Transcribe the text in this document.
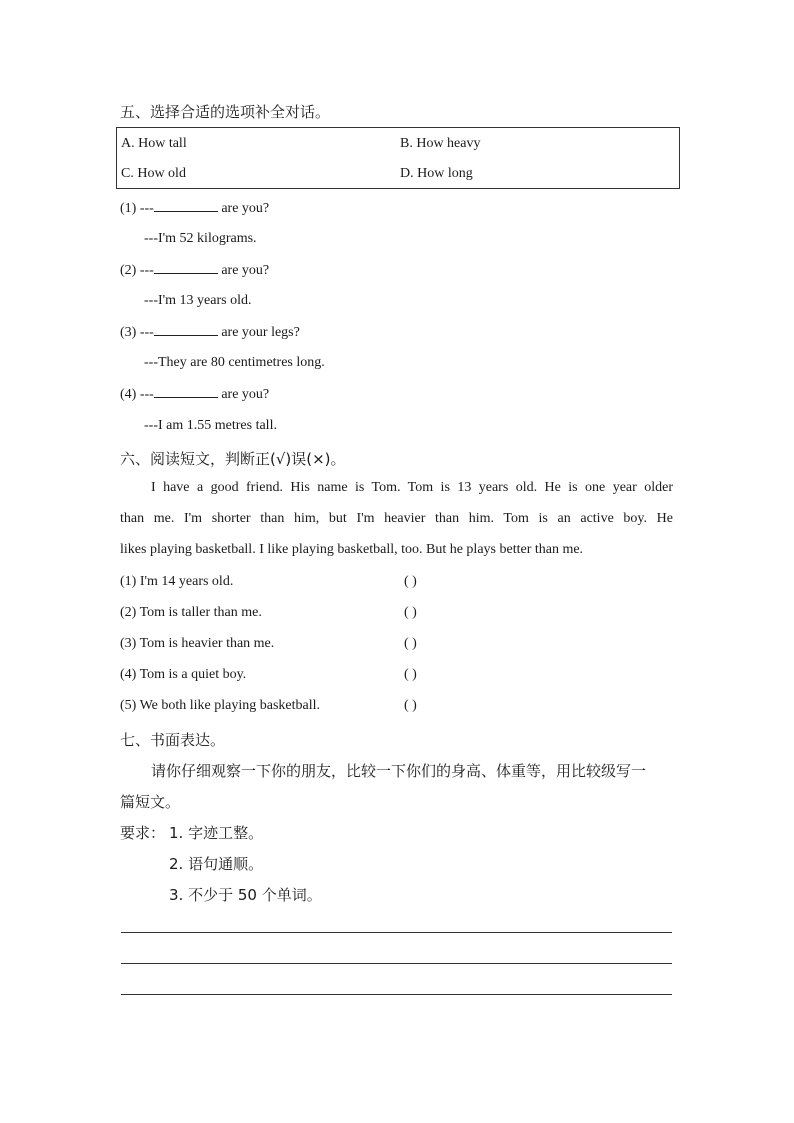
五、选择合适的选项补全对话。
A. How tall	B. How heavy
C. How old	D. How long
(1) ---	are you?
---I'm 52 kilograms.
(2) ---	are you?
---I'm 13 years old.
(3) ---	are your legs?
---They are 80 centimetres long.
(4) ---	are you?
---I am 1.55 metres tall.
六、阅读短文，判断正(√)误(×)。
I have a good friend. His name is Tom. Tom is 13 years old. He is one year older
than me. I'm shorter than him, but I'm heavier than him. Tom is an active boy. He
likes playing basketball. I like playing basketball, too. But he plays better than me.
(1) I'm 14 years old.	( )
(2) Tom is taller than me.	( )
(3) Tom is heavier than me.	( )
(4) Tom is a quiet boy.	( )
(5) We both like playing basketball.	( )
七、书面表达。
请你仔细观察一下你的朋友，比较一下你们的身高、体重等，用比较级写一
篇短文。
要求： 1. 字迹工整。
2. 语句通顺。
3. 不少于 50 个单词。
